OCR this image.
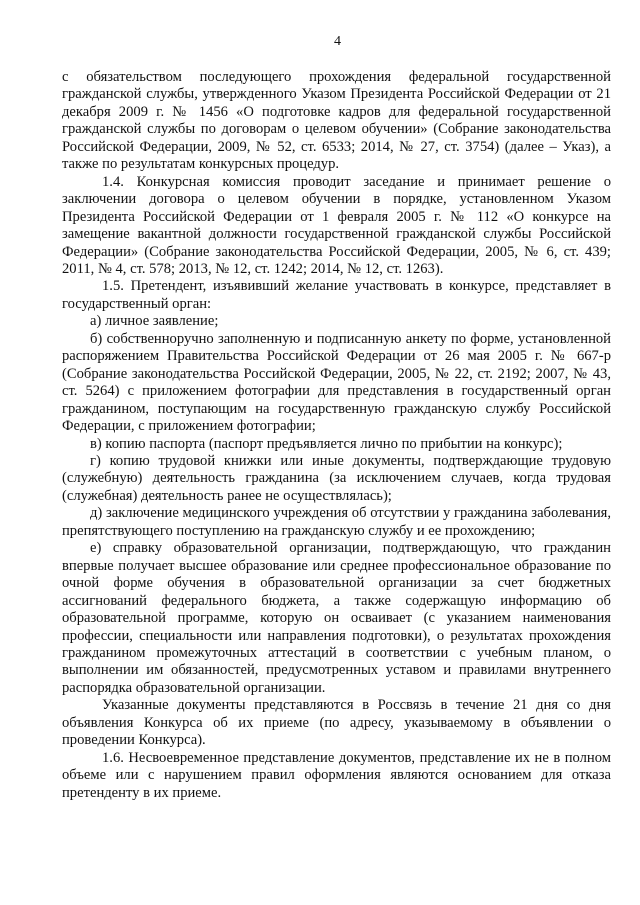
4

с обязательством последующего прохождения федеральной государственной гражданской службы, утвержденного Указом Президента Российской Федерации от 21 декабря 2009 г. № 1456 «О подготовке кадров для федеральной государственной гражданской службы по договорам о целевом обучении» (Собрание законодательства Российской Федерации, 2009, № 52, ст. 6533; 2014, № 27, ст. 3754) (далее – Указ), а также по результатам конкурсных процедур.

1.4. Конкурсная комиссия проводит заседание и принимает решение о заключении договора о целевом обучении в порядке, установленном Указом Президента Российской Федерации от 1 февраля 2005 г. № 112 «О конкурсе на замещение вакантной должности государственной гражданской службы Российской Федерации» (Собрание законодательства Российской Федерации, 2005, № 6, ст. 439; 2011, № 4, ст. 578; 2013, № 12, ст. 1242; 2014, № 12, ст. 1263).

1.5. Претендент, изъявивший желание участвовать в конкурсе, представляет в государственный орган:

а) личное заявление;

б) собственноручно заполненную и подписанную анкету по форме, установленной распоряжением Правительства Российской Федерации от 26 мая 2005 г. № 667-р (Собрание законодательства Российской Федерации, 2005, № 22, ст. 2192; 2007, № 43, ст. 5264) с приложением фотографии для представления в государственный орган гражданином, поступающим на государственную гражданскую службу Российской Федерации, с приложением фотографии;

в) копию паспорта (паспорт предъявляется лично по прибытии на конкурс);

г) копию трудовой книжки или иные документы, подтверждающие трудовую (служебную) деятельность гражданина (за исключением случаев, когда трудовая (служебная) деятельность ранее не осуществлялась);

д) заключение медицинского учреждения об отсутствии у гражданина заболевания, препятствующего поступлению на гражданскую службу и ее прохождению;

е) справку образовательной организации, подтверждающую, что гражданин впервые получает высшее образование или среднее профессиональное образование по очной форме обучения в образовательной организации за счет бюджетных ассигнований федерального бюджета, а также содержащую информацию об образовательной программе, которую он осваивает (с указанием наименования профессии, специальности или направления подготовки), о результатах прохождения гражданином промежуточных аттестаций в соответствии с учебным планом, о выполнении им обязанностей, предусмотренных уставом и правилами внутреннего распорядка образовательной организации.

Указанные документы представляются в Россвязь в течение 21 дня со дня объявления Конкурса об их приеме (по адресу, указываемому в объявлении о проведении Конкурса).

1.6. Несвоевременное представление документов, представление их не в полном объеме или с нарушением правил оформления являются основанием для отказа претенденту в их приеме.
